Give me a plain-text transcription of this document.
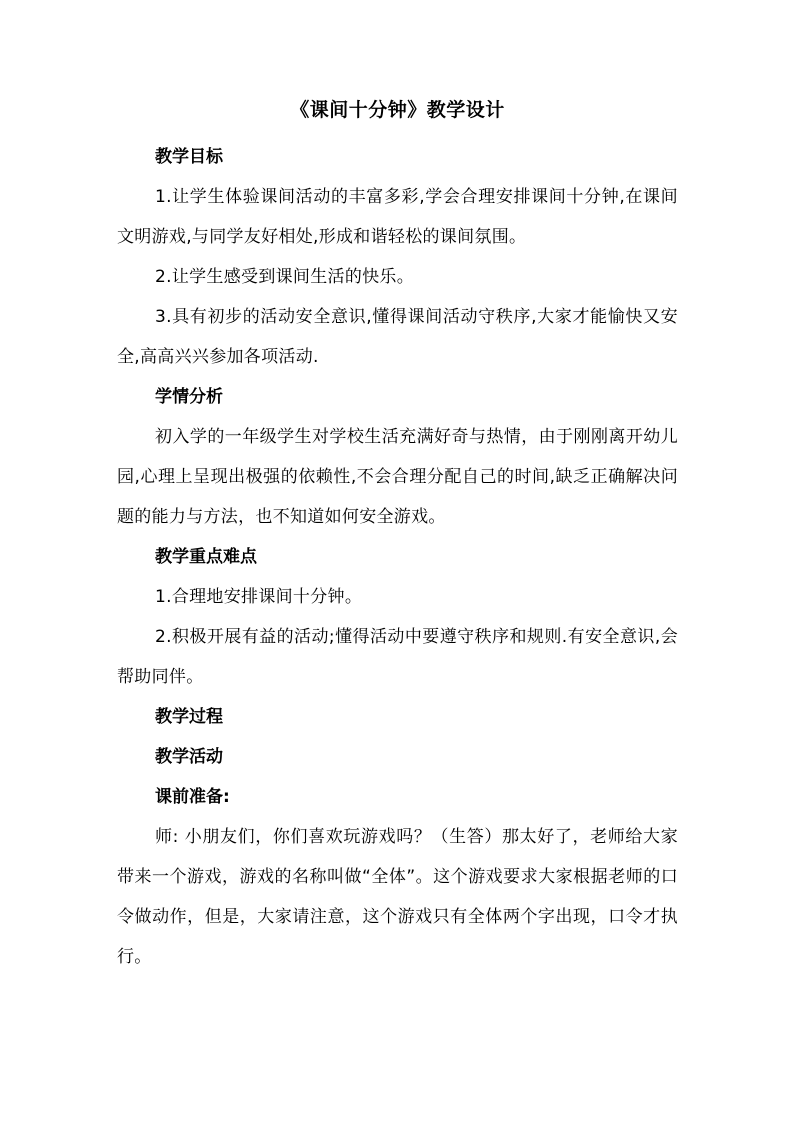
《课间十分钟》教学设计

教学目标

1.让学生体验课间活动的丰富多彩,学会合理安排课间十分钟,在课间文明游戏,与同学友好相处,形成和谐轻松的课间氛围。

2.让学生感受到课间生活的快乐。

3.具有初步的活动安全意识,懂得课间活动守秩序,大家才能愉快又安全,高高兴兴参加各项活动.

学情分析

初入学的一年级学生对学校生活充满好奇与热情，由于刚刚离开幼儿园,心理上呈现出极强的依赖性,不会合理分配自己的时间,缺乏正确解决问题的能力与方法，也不知道如何安全游戏。

教学重点难点

1.合理地安排课间十分钟。

2.积极开展有益的活动;懂得活动中要遵守秩序和规则.有安全意识,会帮助同伴。

教学过程

教学活动

课前准备:

师: 小朋友们，你们喜欢玩游戏吗？（生答）那太好了，老师给大家带来一个游戏，游戏的名称叫做“全体”。这个游戏要求大家根据老师的口令做动作，但是，大家请注意，这个游戏只有全体两个字出现，口令才执行。
